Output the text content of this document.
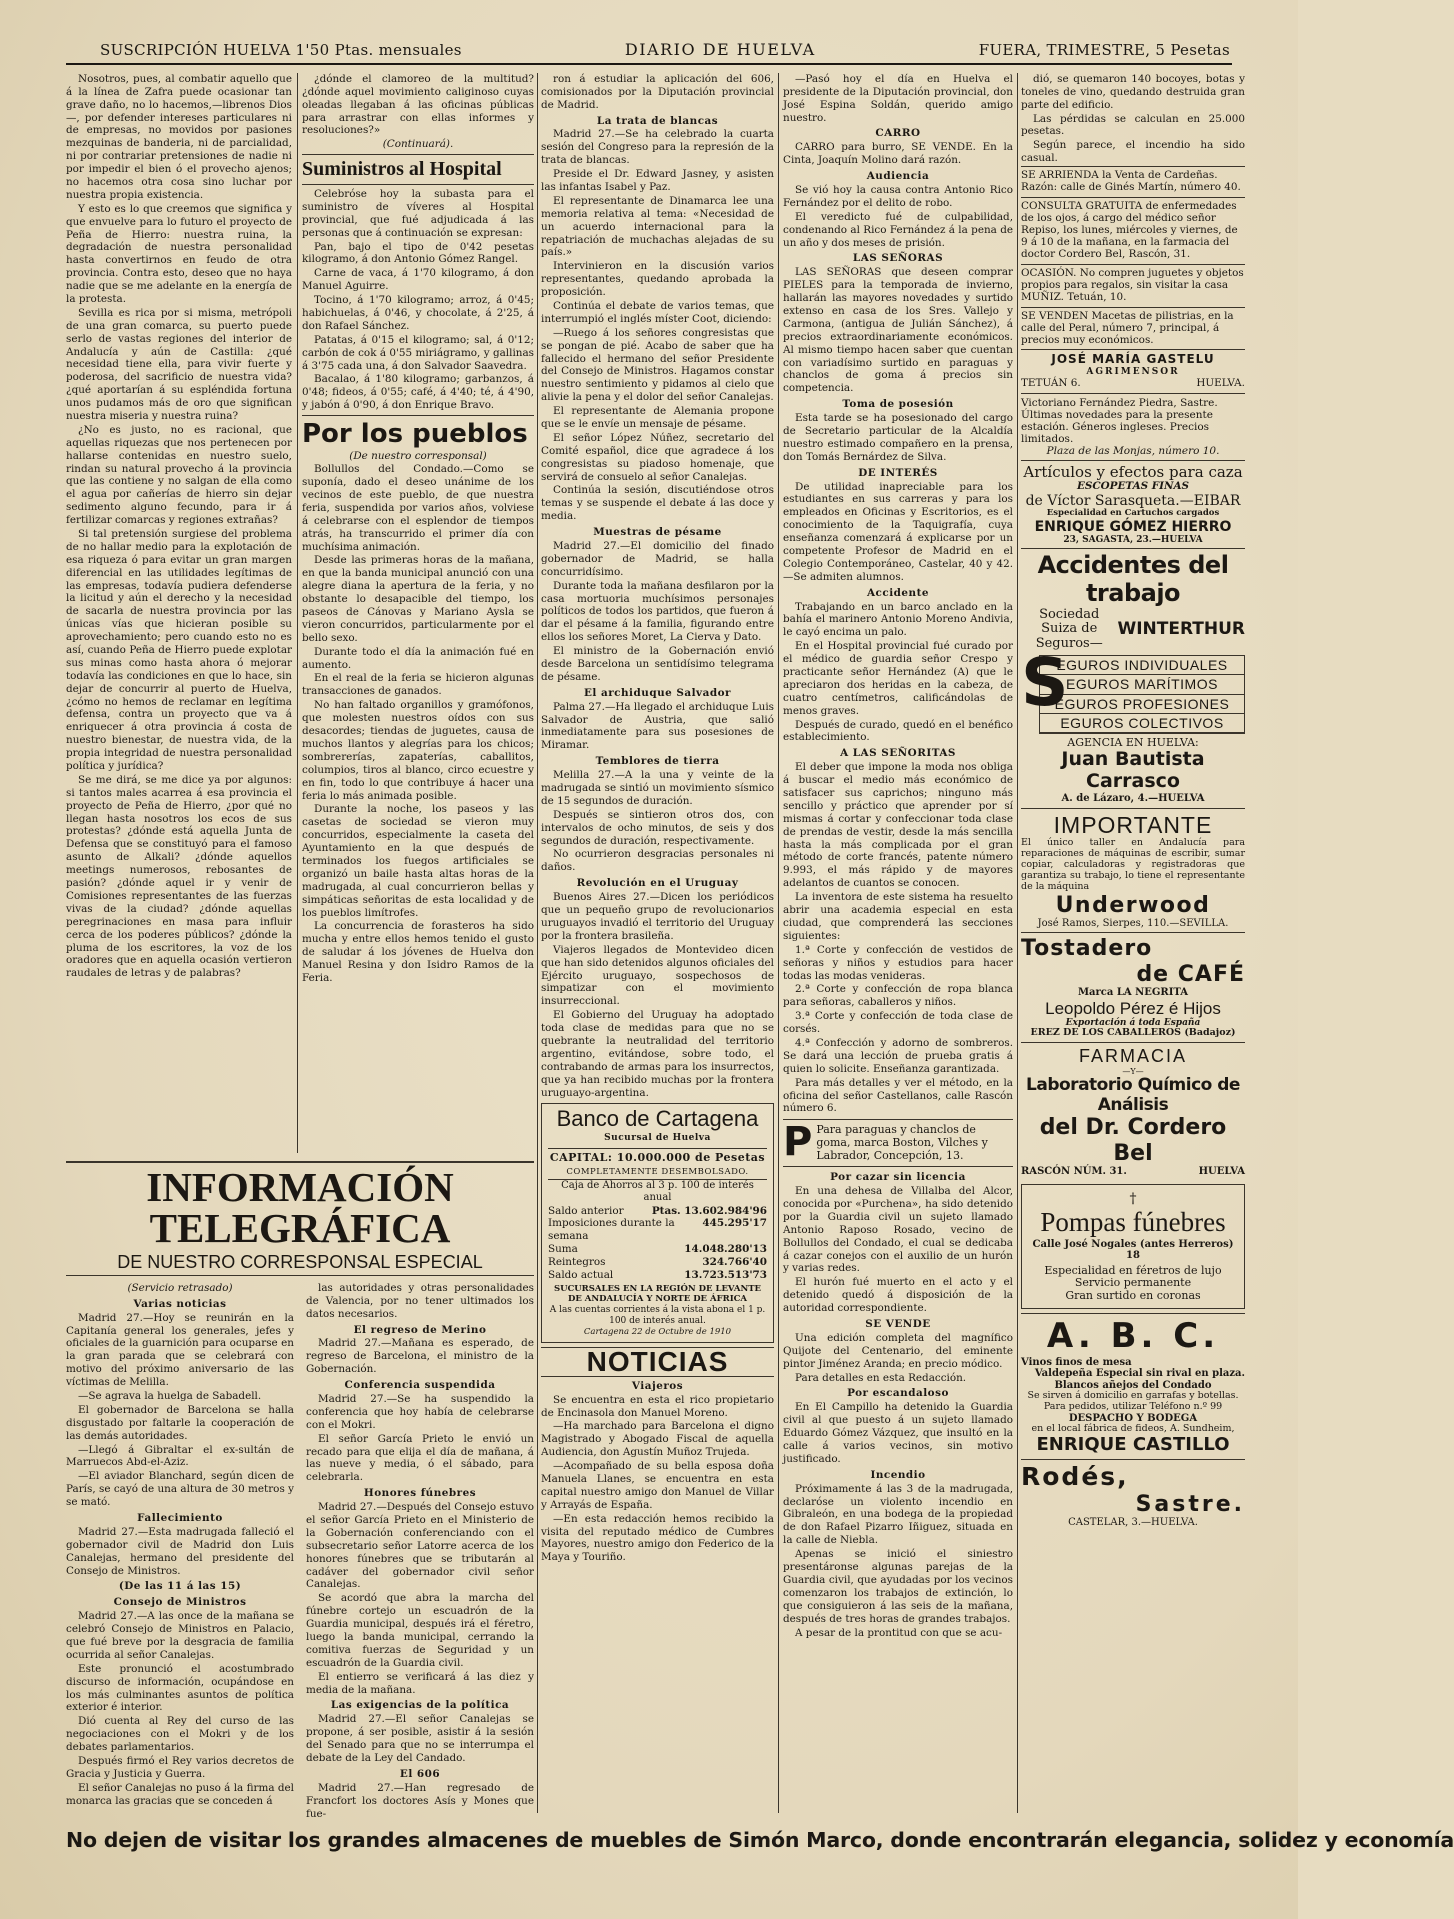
SUSCRIPCIÓN HUELVA 1'50 Ptas. mensuales	DIARIO DE HUELVA	FUERA, TRIMESTRE, 5 Pesetas

Nosotros, pues, al combatir aquello que á la línea de Zafra puede ocasionar tan grave daño, no lo hacemos,—librenos Dios —, por defender intereses particulares ni de empresas, no movidos por pasiones mezquinas de banderia, ni de parcialidad, ni por contrariar pretensiones de nadie ni por impedir el bien ó el provecho ajenos; no hacemos otra cosa sino luchar por nuestra propia existencia.

Y esto es lo que creemos que significa y que envuelve para lo futuro el proyecto de Peña de Hierro: nuestra ruina, la degradación de nuestra personalidad hasta convertirnos en feudo de otra provincia. Contra esto, deseo que no haya nadie que se me adelante en la energía de la protesta.

Sevilla es rica por si misma, metrópoli de una gran comarca, su puerto puede serlo de vastas regiones del interior de Andalucía y aún de Castilla: ¿qué necesidad tiene ella, para vivir fuerte y poderosa, del sacrificio de nuestra vida? ¿qué aportarían á su espléndida fortuna unos pudamos más de oro que significan nuestra miseria y nuestra ruina?

¿No es justo, no es racional, que aquellas riquezas que nos pertenecen por hallarse contenidas en nuestro suelo, rindan su natural provecho á la provincia que las contiene y no salgan de ella como el agua por cañerías de hierro sin dejar sedimento alguno fecundo, para ir á fertilizar comarcas y regiones extrañas?

Si tal pretensión surgiese del problema de no hallar medio para la explotación de esa riqueza ó para evitar un gran margen diferencial en las utilidades legítimas de las empresas, todavía pudiera defenderse la licitud y aún el derecho y la necesidad de sacarla de nuestra provincia por las únicas vías que hicieran posible su aprovechamiento; pero cuando esto no es así, cuando Peña de Hierro puede explotar sus minas como hasta ahora ó mejorar todavía las condiciones en que lo hace, sin dejar de concurrir al puerto de Huelva, ¿cómo no hemos de reclamar en legítima defensa, contra un proyecto que va á enriquecer á otra provincia á costa de nuestro bienestar, de nuestra vida, de la propia integridad de nuestra personalidad política y jurídica?

Se me dirá, se me dice ya por algunos: si tantos males acarrea á esa provincia el proyecto de Peña de Hierro, ¿por qué no llegan hasta nosotros los ecos de sus protestas? ¿dónde está aquella Junta de Defensa que se constituyó para el famoso asunto de Alkali? ¿dónde aquellos meetings numerosos, rebosantes de pasión? ¿dónde aquel ir y venir de Comisiones representantes de las fuerzas vivas de la ciudad? ¿dónde aquellas peregrinaciones en masa para influir cerca de los poderes públicos? ¿dónde la pluma de los escritores, la voz de los oradores que en aquella ocasión vertieron raudales de letras y de palabras?

¿dónde el clamoreo de la multitud? ¿dónde aquel movimiento caliginoso cuyas oleadas llegaban á las oficinas públicas para arrastrar con ellas informes y resoluciones?»

(Continuará).
Suministros al Hospital

Celebróse hoy la subasta para el suministro de víveres al Hospital provincial, que fué adjudicada á las personas que á continuación se expresan:

Pan, bajo el tipo de 0'42 pesetas kilogramo, á don Antonio Gómez Rangel.

Carne de vaca, á 1'70 kilogramo, á don Manuel Aguirre.

Tocino, á 1'70 kilogramo; arroz, á 0'45; habichuelas, á 0'46, y chocolate, á 2'25, á don Rafael Sánchez.

Patatas, á 0'15 el kilogramo; sal, á 0'12; carbón de cok á 0'55 miriágramo, y gallinas á 3'75 cada una, á don Salvador Saavedra.

Bacalao, á 1'80 kilogramo; garbanzos, á 0'48; fideos, á 0'55; café, á 4'40; té, á 4'90, y jabón á 0'90, á don Enrique Bravo.

Por los pueblos
(De nuestro corresponsal)

Bollullos del Condado.—Como se suponía, dado el deseo unánime de los vecinos de este pueblo, de que nuestra feria, suspendida por varios años, volviese á celebrarse con el esplendor de tiempos atrás, ha transcurrido el primer día con muchísima animación.

Desde las primeras horas de la mañana, en que la banda municipal anunció con una alegre diana la apertura de la feria, y no obstante lo desapacible del tiempo, los paseos de Cánovas y Mariano Aysla se vieron concurridos, particularmente por el bello sexo.

Durante todo el día la animación fué en aumento.

En el real de la feria se hicieron algunas transacciones de ganados.

No han faltado organillos y gramófonos, que molesten nuestros oídos con sus desacordes; tiendas de juguetes, causa de muchos llantos y alegrías para los chicos; sombrererías, zapaterías, caballitos, columpios, tiros al blanco, circo ecuestre y en fin, todo lo que contribuye á hacer una feria lo más animada posible.

Durante la noche, los paseos y las casetas de sociedad se vieron muy concurridos, especialmente la caseta del Ayuntamiento en la que después de terminados los fuegos artificiales se organizó un baile hasta altas horas de la madrugada, al cual concurrieron bellas y simpáticas señoritas de esta localidad y de los pueblos limítrofes.

La concurrencia de forasteros ha sido mucha y entre ellos hemos tenido el gusto de saludar á los jóvenes de Huelva don Manuel Resina y don Isidro Ramos de la Feria.

INFORMACIÓN TELEGRÁFICA
DE NUESTRO CORRESPONSAL ESPECIAL
(Servicio retrasado)
Varias noticias

Madrid 27.—Hoy se reunirán en la Capitanía general los generales, jefes y oficiales de la guarnición para ocuparse en la gran parada que se celebrará con motivo del próximo aniversario de las víctimas de Melilla.

—Se agrava la huelga de Sabadell.

El gobernador de Barcelona se halla disgustado por faltarle la cooperación de las demás autoridades.

—Llegó á Gibraltar el ex-sultán de Marruecos Abd-el-Aziz.

—El aviador Blanchard, según dicen de París, se cayó de una altura de 30 metros y se mató.

Fallecimiento

Madrid 27.—Esta madrugada falleció el gobernador civil de Madrid don Luis Canalejas, hermano del presidente del Consejo de Ministros.

(De las 11 á las 15)
Consejo de Ministros

Madrid 27.—A las once de la mañana se celebró Consejo de Ministros en Palacio, que fué breve por la desgracia de familia ocurrida al señor Canalejas.

Este pronunció el acostumbrado discurso de información, ocupándose en los más culminantes asuntos de política exterior é interior.

Dió cuenta al Rey del curso de las negociaciones con el Mokri y de los debates parlamentarios.

Después firmó el Rey varios decretos de Gracia y Justicia y Guerra.

El señor Canalejas no puso á la firma del monarca las gracias que se conceden á

las autoridades y otras personalidades de Valencia, por no tener ultimados los datos necesarios.

El regreso de Merino

Madrid 27.—Mañana es esperado, de regreso de Barcelona, el ministro de la Gobernación.

Conferencia suspendida

Madrid 27.—Se ha suspendido la conferencia que hoy había de celebrarse con el Mokri.

El señor García Prieto le envió un recado para que elija el día de mañana, á las nueve y media, ó el sábado, para celebrarla.

Honores fúnebres

Madrid 27.—Después del Consejo estuvo el señor García Prieto en el Ministerio de la Gobernación conferenciando con el subsecretario señor Latorre acerca de los honores fúnebres que se tributarán al cadáver del gobernador civil señor Canalejas.

Se acordó que abra la marcha del fúnebre cortejo un escuadrón de la Guardia municipal, después irá el féretro, luego la banda municipal, cerrando la comitiva fuerzas de Seguridad y un escuadrón de la Guardia civil.

El entierro se verificará á las diez y media de la mañana.

Las exigencias de la política

Madrid 27.—El señor Canalejas se propone, á ser posible, asistir á la sesión del Senado para que no se interrumpa el debate de la Ley del Candado.

El 606

Madrid 27.—Han regresado de Francfort los doctores Asís y Mones que fue-

ron á estudiar la aplicación del 606, comisionados por la Diputación provincial de Madrid.

La trata de blancas

Madrid 27.—Se ha celebrado la cuarta sesión del Congreso para la represión de la trata de blancas.

Preside el Dr. Edward Jasney, y asisten las infantas Isabel y Paz.

El representante de Dinamarca lee una memoria relativa al tema: «Necesidad de un acuerdo internacional para la repatriación de muchachas alejadas de su país.»

Intervinieron en la discusión varios representantes, quedando aprobada la proposición.

Continúa el debate de varios temas, que interrumpió el inglés míster Coot, diciendo:

—Ruego á los señores congresistas que se pongan de pié. Acabo de saber que ha fallecido el hermano del señor Presidente del Consejo de Ministros. Hagamos constar nuestro sentimiento y pidamos al cielo que alivie la pena y el dolor del señor Canalejas.

El representante de Alemania propone que se le envíe un mensaje de pésame.

El señor López Núñez, secretario del Comité español, dice que agradece á los congresistas su piadoso homenaje, que servirá de consuelo al señor Canalejas.

Continúa la sesión, discutiéndose otros temas y se suspende el debate á las doce y media.

Muestras de pésame

Madrid 27.—El domicilio del finado gobernador de Madrid, se halla concurridísimo.

Durante toda la mañana desfilaron por la casa mortuoria muchísimos personajes políticos de todos los partidos, que fueron á dar el pésame á la familia, figurando entre ellos los señores Moret, La Cierva y Dato.

El ministro de la Gobernación envió desde Barcelona un sentidísimo telegrama de pésame.

El archiduque Salvador

Palma 27.—Ha llegado el archiduque Luis Salvador de Austria, que salió inmediatamente para sus posesiones de Miramar.

Temblores de tierra

Melilla 27.—A la una y veinte de la madrugada se sintió un movimiento sísmico de 15 segundos de duración.

Después se sintieron otros dos, con intervalos de ocho minutos, de seis y dos segundos de duración, respectivamente.

No ocurrieron desgracias personales ni daños.

Revolución en el Uruguay

Buenos Aires 27.—Dicen los periódicos que un pequeño grupo de revolucionarios uruguayos invadió el territorio del Uruguay por la frontera brasileña.

Viajeros llegados de Montevideo dicen que han sido detenidos algunos oficiales del Ejército uruguayo, sospechosos de simpatizar con el movimiento insurreccional.

El Gobierno del Uruguay ha adoptado toda clase de medidas para que no se quebrante la neutralidad del territorio argentino, evitándose, sobre todo, el contrabando de armas para los insurrectos, que ya han recibido muchas por la frontera uruguayo-argentina.

Banco de Cartagena
Sucursal de Huelva
CAPITAL: 10.000.000 de Pesetas
COMPLETAMENTE DESEMBOLSADO.
Caja de Ahorros al 3 p. 100 de interés anual
Saldo anterior	Ptas. 13.602.984'96
Imposiciones durante la semana
445.295'17
Suma	14.048.280'13
Reintegros	324.766'40
Saldo actual	13.723.513'73
SUCURSALES EN LA REGIÓN DE LEVANTE DE ANDALUCÍA Y NORTE DE ÁFRICA
A las cuentas corrientes á la vista abona el 1 p. 100 de interés anual.
Cartagena 22 de Octubre de 1910
NOTICIAS
Viajeros

Se encuentra en esta el rico propietario de Encinasola don Manuel Moreno.

—Ha marchado para Barcelona el digno Magistrado y Abogado Fiscal de aquella Audiencia, don Agustín Muñoz Trujeda.

—Acompañado de su bella esposa doña Manuela Llanes, se encuentra en esta capital nuestro amigo don Manuel de Villar y Arrayás de España.

—En esta redacción hemos recibido la visita del reputado médico de Cumbres Mayores, nuestro amigo don Federico de la Maya y Touriño.

—Pasó hoy el día en Huelva el presidente de la Diputación provincial, don José Espina Soldán, querido amigo nuestro.

CARRO

CARRO para burro, SE VENDE. En la Cinta, Joaquín Molino dará razón.

Audiencia

Se vió hoy la causa contra Antonio Rico Fernández por el delito de robo.

El veredicto fué de culpabilidad, condenando al Rico Fernández á la pena de un año y dos meses de prisión.

LAS SEÑORAS

LAS SEÑORAS que deseen comprar PIELES para la temporada de invierno, hallarán las mayores novedades y surtido extenso en casa de los Sres. Vallejo y Carmona, (antigua de Julián Sánchez), á precios extraordinariamente económicos. Al mismo tiempo hacen saber que cuentan con variadísimo surtido en paraguas y chanclos de goma á precios sin competencia.

Toma de posesión

Esta tarde se ha posesionado del cargo de Secretario particular de la Alcaldía nuestro estimado compañero en la prensa, don Tomás Bernárdez de Silva.

DE INTERÉS

De utilidad inapreciable para los estudiantes en sus carreras y para los empleados en Oficinas y Escritorios, es el conocimiento de la Taquigrafía, cuya enseñanza comenzará á explicarse por un competente Profesor de Madrid en el Colegio Contemporáneo, Castelar, 40 y 42.—Se admiten alumnos.

Accidente

Trabajando en un barco anclado en la bahía el marinero Antonio Moreno Andivia, le cayó encima un palo.

En el Hospital provincial fué curado por el médico de guardia señor Crespo y practicante señor Hernández (A) que le apreciaron dos heridas en la cabeza, de cuatro centímetros, calificándolas de menos graves.

Después de curado, quedó en el benéfico establecimiento.

A LAS SEÑORITAS

El deber que impone la moda nos obliga á buscar el medio más económico de satisfacer sus caprichos; ninguno más sencillo y práctico que aprender por sí mismas á cortar y confeccionar toda clase de prendas de vestir, desde la más sencilla hasta la más complicada por el gran método de corte francés, patente número 9.993, el más rápido y de mayores adelantos de cuantos se conocen.

La inventora de este sistema ha resuelto abrir una academia especial en esta ciudad, que comprenderá las secciones siguientes:

1.ª Corte y confección de vestidos de señoras y niños y estudios para hacer todas las modas venideras.

2.ª Corte y confección de ropa blanca para señoras, caballeros y niños.

3.ª Corte y confección de toda clase de corsés.

4.ª Confección y adorno de sombreros. Se dará una lección de prueba gratis á quien lo solicite. Enseñanza garantizada.

Para más detalles y ver el método, en la oficina del señor Castellanos, calle Rascón número 6.

P Para paraguas y chanclos de goma, marca Boston, Vilches y Labrador, Concepción, 13.
Por cazar sin licencia

En una dehesa de Villalba del Alcor, conocida por «Purchena», ha sido detenido por la Guardia civil un sujeto llamado Antonio Raposo Rosado, vecino de Bollullos del Condado, el cual se dedicaba á cazar conejos con el auxilio de un hurón y varias redes.

El hurón fué muerto en el acto y el detenido quedó á disposición de la autoridad correspondiente.

SE VENDE

Una edición completa del magnífico Quijote del Centenario, del eminente pintor Jiménez Aranda; en precio módico.

Para detalles en esta Redacción.

Por escandaloso

En El Campillo ha detenido la Guardia civil al que puesto á un sujeto llamado Eduardo Gómez Vázquez, que insultó en la calle á varios vecinos, sin motivo justificado.

Incendio

Próximamente á las 3 de la madrugada, declaróse un violento incendio en Gibraleón, en una bodega de la propiedad de don Rafael Pizarro Iñiguez, situada en la calle de Niebla.

Apenas se inició el siniestro presentáronse algunas parejas de la Guardia civil, que ayudadas por los vecinos comenzaron los trabajos de extinción, lo que consiguieron á las seis de la mañana, después de tres horas de grandes trabajos.

A pesar de la prontitud con que se acu-

dió, se quemaron 140 bocoyes, botas y toneles de vino, quedando destruida gran parte del edificio.

Las pérdidas se calculan en 25.000 pesetas.

Según parece, el incendio ha sido casual.

SE ARRIENDA la Venta de Cardeñas. Razón: calle de Ginés Martín, número 40.
CONSULTA GRATUITA de enfermedades de los ojos, á cargo del médico señor Repiso, los lunes, miércoles y viernes, de 9 á 10 de la mañana, en la farmacia del doctor Cordero Bel, Rascón, 31.
OCASIÓN. No compren juguetes y objetos propios para regalos, sin visitar la casa MUÑIZ. Tetuán, 10.
SE VENDEN Macetas de pilistrias, en la calle del Peral, número 7, principal, á precios muy económicos.
JOSÉ MARÍA GASTELU
AGRIMENSOR
TETUÁN 6.	HUELVA.
Victoriano Fernández Piedra, Sastre. Últimas novedades para la presente estación. Géneros ingleses. Precios limitados.
Plaza de las Monjas, número 10.
Artículos y efectos para caza
ESCOPETAS FINAS
de Víctor Sarasqueta.—EIBAR
Especialidad en Cartuchos cargados
ENRIQUE GÓMEZ HIERRO
23, SAGASTA, 23.—HUELVA
Accidentes del trabajo
Sociedad Suiza de Seguros—
WINTERTHUR
S
EGUROS INDIVIDUALES
EGUROS MARÍTIMOS
EGUROS PROFESIONES
EGUROS COLECTIVOS
AGENCIA EN HUELVA:
Juan Bautista Carrasco
A. de Lázaro, 4.—HUELVA
IMPORTANTE
El único taller en Andalucía para reparaciones de máquinas de escribir, sumar copiar, calculadoras y registradoras que garantiza su trabajo, lo tiene el representante de la máquina
Underwood
José Ramos, Sierpes, 110.—SEVILLA.
Tostadero
de CAFÉ
Marca LA NEGRITA
Leopoldo Pérez é Hijos
Exportación á toda España
EREZ DE LOS CABALLEROS (Badajoz)
FARMACIA
—Y—
Laboratorio Químico de Análisis
del Dr. Cordero Bel
RASCÓN NÚM. 31.	HUELVA
†
Pompas fúnebres
Calle José Nogales (antes Herreros) 18
Especialidad en féretros de lujo
Servicio permanente
Gran surtido en coronas
A. B. C.
Vinos finos de mesa
Valdepeña Especial sin rival en plaza.
Blancos añejos del Condado
Se sirven á domicilio en garrafas y botellas. Para pedidos, utilizar Teléfono n.º 99
DESPACHO Y BODEGA
en el local fábrica de fideos, A. Sundheim,
ENRIQUE CASTILLO
Rodés,
Sastre.
CASTELAR, 3.—HUELVA.
No dejen de visitar los grandes almacenes de muebles de Simón Marco, donde encontrarán elegancia, solidez y economía
